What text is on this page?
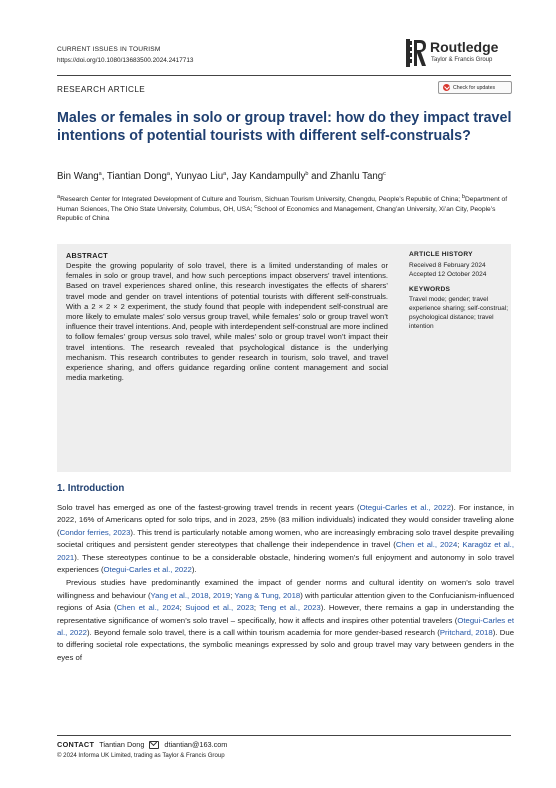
CURRENT ISSUES IN TOURISM
https://doi.org/10.1080/13683500.2024.2417713
Routledge
Taylor & Francis Group
RESEARCH ARTICLE	Check for updates
Males or females in solo or group travel: how do they impact travel intentions of potential tourists with different self-construals?
Bin Wang$^a$, Tiantian Dong$^a$, Yunyao Liu$^a$, Jay Kandampully$^b$ and Zhanlu Tang$^c$
$^a$Research Center for Integrated Development of Culture and Tourism, Sichuan Tourism University, Chengdu, People’s Republic of China; $^b$Department of Human Sciences, The Ohio State University, Columbus, OH, USA; $^c$School of Economics and Management, Chang’an University, Xi’an City, People’s Republic of China
ABSTRACT
Despite the growing popularity of solo travel, there is a limited understanding of males or females in solo or group travel, and how such perceptions impact observers’ travel intentions. Based on travel experiences shared online, this research investigates the effects of sharers’ travel mode and gender on travel intentions of potential tourists with different self-construals. With a 2 × 2 × 2 experiment, the study found that people with independent self-construal are more likely to emulate males’ solo versus group travel, while females’ solo or group travel won’t influence their travel intentions. And, people with interdependent self-construal are more inclined to follow females’ group versus solo travel, while males’ solo or group travel won’t impact their travel intentions. The research revealed that psychological distance is the underlying mechanism. This research contributes to gender research in tourism, solo travel, and travel experience sharing, and offers guidance regarding online content management and social media marketing.
ARTICLE HISTORY
Received 8 February 2024
Accepted 12 October 2024
KEYWORDS
Travel mode; gender; travel experience sharing; self-construal; psychological distance; travel intention
1. Introduction

Solo travel has emerged as one of the fastest-growing travel trends in recent years (Otegui-Carles et al., 2022). For instance, in 2022, 16% of Americans opted for solo trips, and in 2023, 25% (83 million individuals) indicated they would consider traveling alone (Condor ferries, 2023). This trend is particularly notable among women, who are increasingly embracing solo travel despite prevailing societal critiques and persistent gender stereotypes that challenge their independence in travel (Chen et al., 2024; Karagöz et al., 2021). These stereotypes continue to be a considerable obstacle, hindering women’s full enjoyment and autonomy in solo travel experiences (Otegui-Carles et al., 2022).

Previous studies have predominantly examined the impact of gender norms and cultural identity on women’s solo travel willingness and behaviour (Yang et al., 2018, 2019; Yang & Tung, 2018) with particular attention given to the Confucianism-influenced regions of Asia (Chen et al., 2024; Sujood et al., 2023; Teng et al., 2023). However, there remains a gap in understanding the representative significance of women’s solo travel – specifically, how it affects and inspires other potential travelers (Otegui-Carles et al., 2022). Beyond female solo travel, there is a call within tourism academia for more gender-based research (Pritchard, 2018). Due to differing societal role expectations, the symbolic meanings expressed by solo and group travel may vary between genders in the eyes of

CONTACT Tiantian Dong	dtiantian@163.com
© 2024 Informa UK Limited, trading as Taylor & Francis Group
